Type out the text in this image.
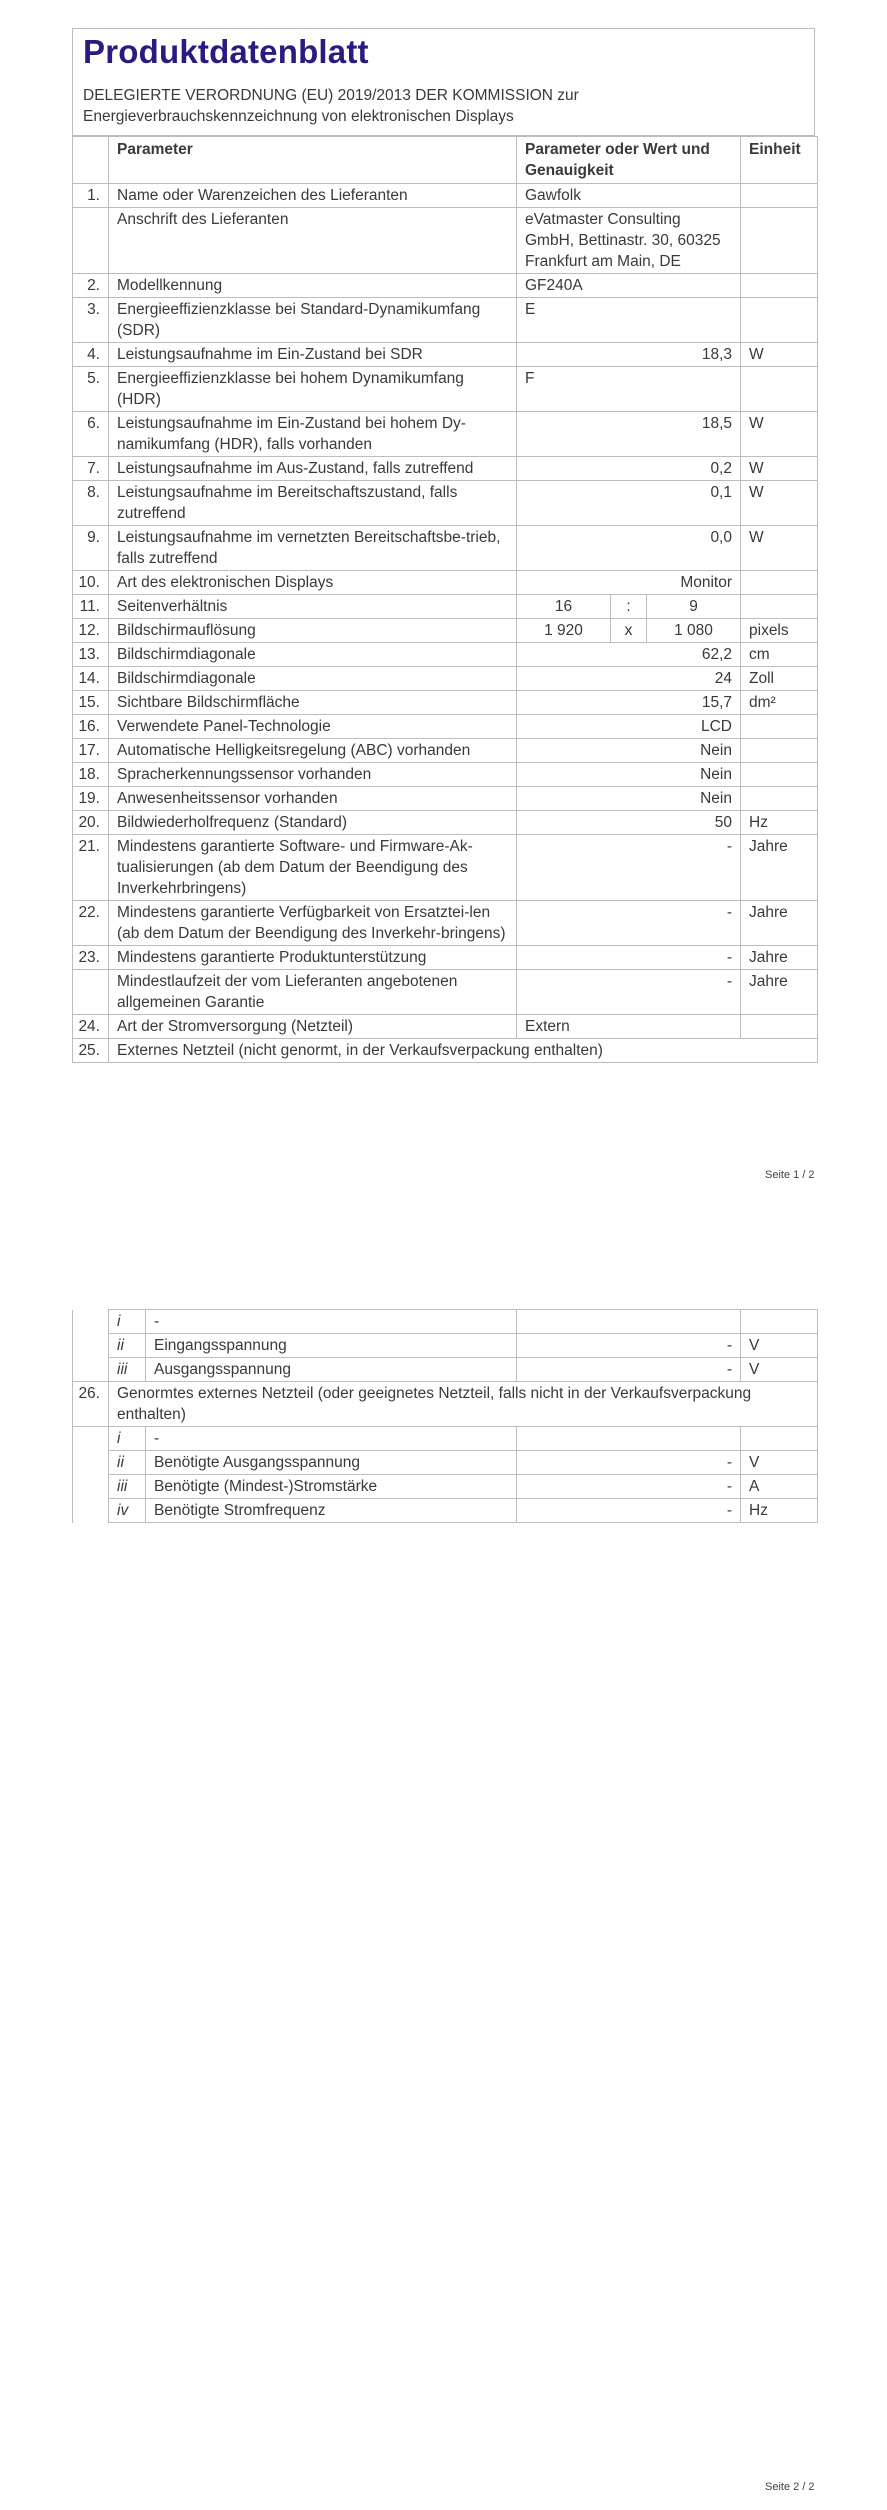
Produktdatenblatt
DELEGIERTE VERORDNUNG (EU) 2019/2013 DER KOMMISSION zur Energieverbrauchskennzeichnung von elektronischen Displays
	Parameter	Parameter oder Wert und Genauigkeit			Einheit
1.	Name oder Warenzeichen des Lieferanten	Gawfolk			
	Anschrift des Lieferanten	eVatmaster Consulting GmbH, Bettinastr. 30, 60325 Frankfurt am Main, DE			
2.	Modellkennung	GF240A			
3.	Energieeffizienzklasse bei Standard-Dynamikumfang (SDR)	E			
4.	Leistungsaufnahme im Ein-Zustand bei SDR	18,3			W
5.	Energieeffizienzklasse bei hohem Dynamikumfang (HDR)	F			
6.	Leistungsaufnahme im Ein-Zustand bei hohem Dy-namikumfang (HDR), falls vorhanden	18,5			W
7.	Leistungsaufnahme im Aus-Zustand, falls zutreffend	0,2			W
8.	Leistungsaufnahme im Bereitschaftszustand, falls zutreffend	0,1			W
9.	Leistungsaufnahme im vernetzten Bereitschaftsbe-trieb, falls zutreffend	0,0			W
10.	Art des elektronischen Displays	Monitor			
11.	Seitenverhältnis	16	:	9	
12.	Bildschirmauflösung	1 920	x	1 080	pixels
13.	Bildschirmdiagonale	62,2			cm
14.	Bildschirmdiagonale	24			Zoll
15.	Sichtbare Bildschirmfläche	15,7			dm²
16.	Verwendete Panel-Technologie	LCD			
17.	Automatische Helligkeitsregelung (ABC) vorhanden	Nein			
18.	Spracherkennungssensor vorhanden	Nein			
19.	Anwesenheitssensor vorhanden	Nein			
20.	Bildwiederholfrequenz (Standard)	50			Hz
21.	Mindestens garantierte Software- und Firmware-Ak-tualisierungen (ab dem Datum der Beendigung des Inverkehrbringens)	-			Jahre
22.	Mindestens garantierte Verfügbarkeit von Ersatztei-len (ab dem Datum der Beendigung des Inverkehr-bringens)	-			Jahre
23.	Mindestens garantierte Produktunterstützung	-			Jahre
	Mindestlaufzeit der vom Lieferanten angebotenen allgemeinen Garantie	-			Jahre
24.	Art der Stromversorgung (Netzteil)	Extern			
25.	Externes Netzteil (nicht genormt, in der Verkaufsverpackung enthalten)				
Seite 1 / 2
	i	-		
	ii	Eingangsspannung	-	V
	iii	Ausgangsspannung	-	V
26.	Genormtes externes Netzteil (oder geeignetes Netzteil, falls nicht in der Verkaufsverpackung enthalten)			
	i	-		
	ii	Benötigte Ausgangsspannung	-	V
	iii	Benötigte (Mindest-)Stromstärke	-	A
	iv	Benötigte Stromfrequenz	-	Hz
Seite 2 / 2
